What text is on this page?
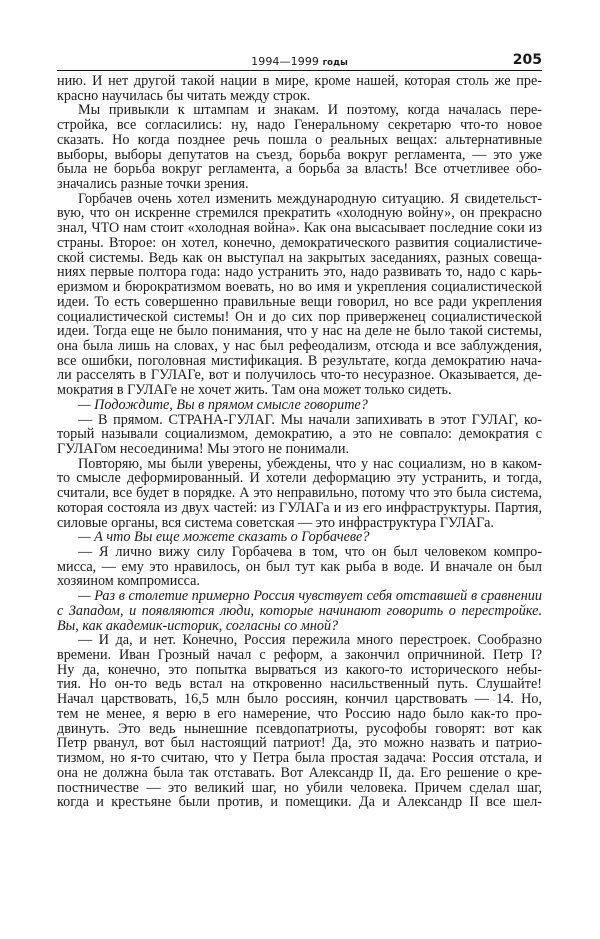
1994—1999 годы	205
нию. И нет другой такой нации в мире, кроме нашей, которая столь же пре-
красно научилась бы читать между строк.
Мы привыкли к штампам и знакам. И поэтому, когда началась пере-
стройка, все согласились: ну, надо Генеральному секретарю что-то новое
сказать. Но когда позднее речь пошла о реальных вещах: альтернативные
выборы, выборы депутатов на съезд, борьба вокруг регламента, — это уже
была не борьба вокруг регламента, а борьба за власть! Все отчетливее обо-
значались разные точки зрения.
Горбачев очень хотел изменить международную ситуацию. Я свидетельст-
вую, что он искренне стремился прекратить «холодную войну», он прекрасно
знал, ЧТО нам стоит «холодная война». Как она высасывает последние соки из
страны. Второе: он хотел, конечно, демократического развития социалистиче-
ской системы. Ведь как он выступал на закрытых заседаниях, разных совеща-
ниях первые полтора года: надо устранить это, надо развивать то, надо с карь-
еризмом и бюрократизмом воевать, но во имя и укрепления социалистической
идеи. То есть совершенно правильные вещи говорил, но все ради укрепления
социалистической системы! Он и до сих пор приверженец социалистической
идеи. Тогда еще не было понимания, что у нас на деле не было такой системы,
она была лишь на словах, у нас был рефеодализм, отсюда и все заблуждения,
все ошибки, поголовная мистификация. В результате, когда демократию нача-
ли расселять в ГУЛАГе, вот и получилось что-то несуразное. Оказывается, де-
мократия в ГУЛАГе не хочет жить. Там она может только сидеть.
— Подождите, Вы в прямом смысле говорите?
— В прямом. СТРАНА-ГУЛАГ. Мы начали запихивать в этот ГУЛАГ, ко-
торый называли социализмом, демократию, а это не совпало: демократия с
ГУЛАГом несоединима! Мы этого не понимали.
Повторяю, мы были уверены, убеждены, что у нас социализм, но в каком-
то смысле деформированный. И хотели деформацию эту устранить, и тогда,
считали, все будет в порядке. А это неправильно, потому что это была система,
которая состояла из двух частей: из ГУЛАГа и из его инфраструктуры. Партия,
силовые органы, вся система советская — это инфраструктура ГУЛАГа.
— А что Вы еще можете сказать о Горбачеве?
— Я лично вижу силу Горбачева в том, что он был человеком компро-
мисса, — ему это нравилось, он был тут как рыба в воде. И вначале он был
хозяином компромисса.
— Раз в столетие примерно Россия чувствует себя отставшей в сравнении
с Западом, и появляются люди, которые начинают говорить о перестройке.
Вы, как академик-историк, согласны со мной?
— И да, и нет. Конечно, Россия пережила много перестроек. Сообразно
времени. Иван Грозный начал с реформ, а закончил опричниной. Петр I?
Ну да, конечно, это попытка вырваться из какого-то исторического небы-
тия. Но он-то ведь встал на откровенно насильственный путь. Слушайте!
Начал царствовать, 16,5 млн было россиян, кончил царствовать — 14. Но,
тем не менее, я верю в его намерение, что Россию надо было как-то про-
двинуть. Это ведь нынешние псевдопатриоты, русофобы говорят: вот как
Петр рванул, вот был настоящий патриот! Да, это можно назвать и патрио-
тизмом, но я-то считаю, что у Петра была простая задача: Россия отстала, и
она не должна была так отставать. Вот Александр II, да. Его решение о кре-
постничестве — это великий шаг, но убили человека. Причем сделал шаг,
когда и крестьяне были против, и помещики. Да и Александр II все шел-
